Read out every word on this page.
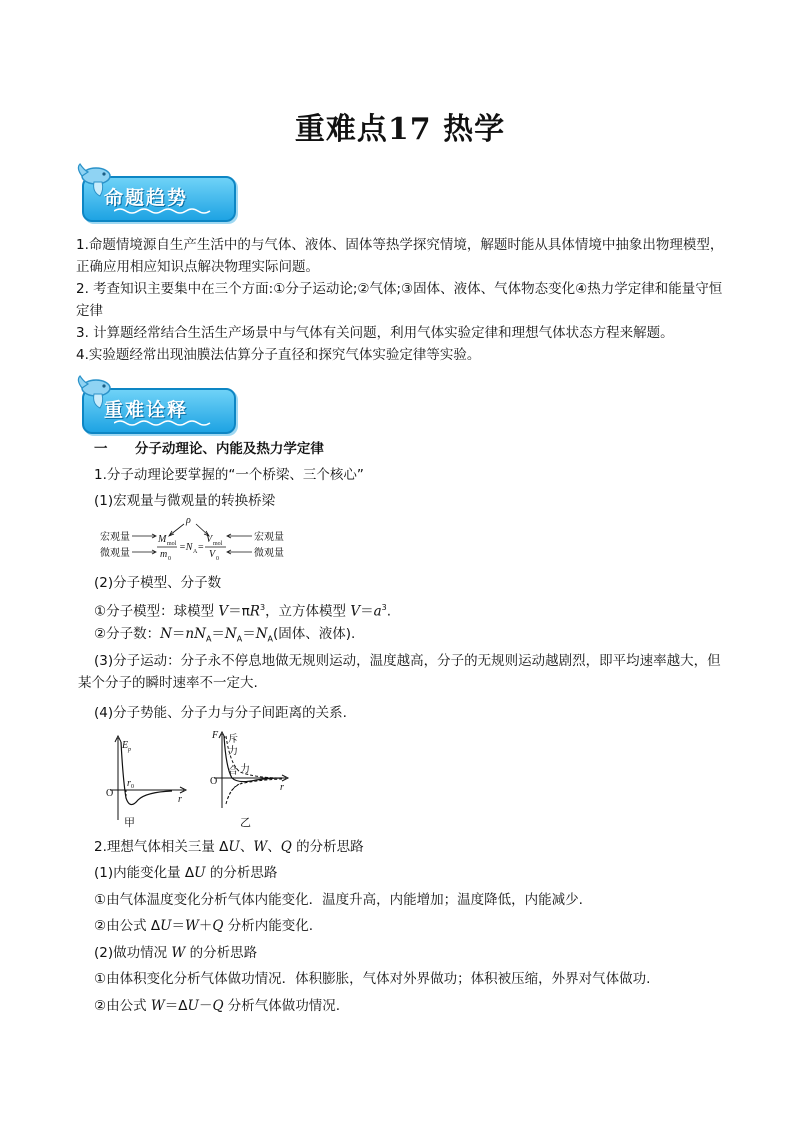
重难点17 热学
命题趋势
1.命题情境源自生产生活中的与气体、液体、固体等热学探究情境，解题时能从具体情境中抽象出物理模型，正确应用相应知识点解决物理实际问题。
2. 考查知识主要集中在三个方面:①分子运动论;②气体;③固体、液体、气体物态变化④热力学定律和能量守恒定律
3. 计算题经常结合生活生产场景中与气体有关问题，利用气体实验定律和理想气体状态方程来解题。
4.实验题经常出现油膜法估算分子直径和探究气体实验定律等实验。
重难诠释
一 分子动理论、内能及热力学定律
1.分子动理论要掌握的“一个桥梁、三个核心”
(1)宏观量与微观量的转换桥梁
宏观量
微观量
宏观量
微观量
ρ
M mol
m 0
=N A =
V mol
V 0
(2)分子模型、分子数
①分子模型：球模型 $V=\pi R^3$，立方体模型 $V=a^3$.
②分子数：$N=nN_A=N_A=N_A$(固体、液体).
(3)分子运动：分子永不停息地做无规则运动，温度越高，分子的无规则运动越剧烈，即平均速率越大，但某个分子的瞬时速率不一定大.
(4)分子势能、分子力与分子间距离的关系.
E p
O
r 0
r
甲
F 斥
力
O
合 力
r
乙
2.理想气体相关三量 ΔU、W、Q 的分析思路
(1)内能变化量 ΔU 的分析思路
①由气体温度变化分析气体内能变化．温度升高，内能增加；温度降低，内能减少.
②由公式 ΔU＝W＋Q 分析内能变化.
(2)做功情况 W 的分析思路
①由体积变化分析气体做功情况．体积膨胀，气体对外界做功；体积被压缩，外界对气体做功.
②由公式 W＝ΔU－Q 分析气体做功情况.
